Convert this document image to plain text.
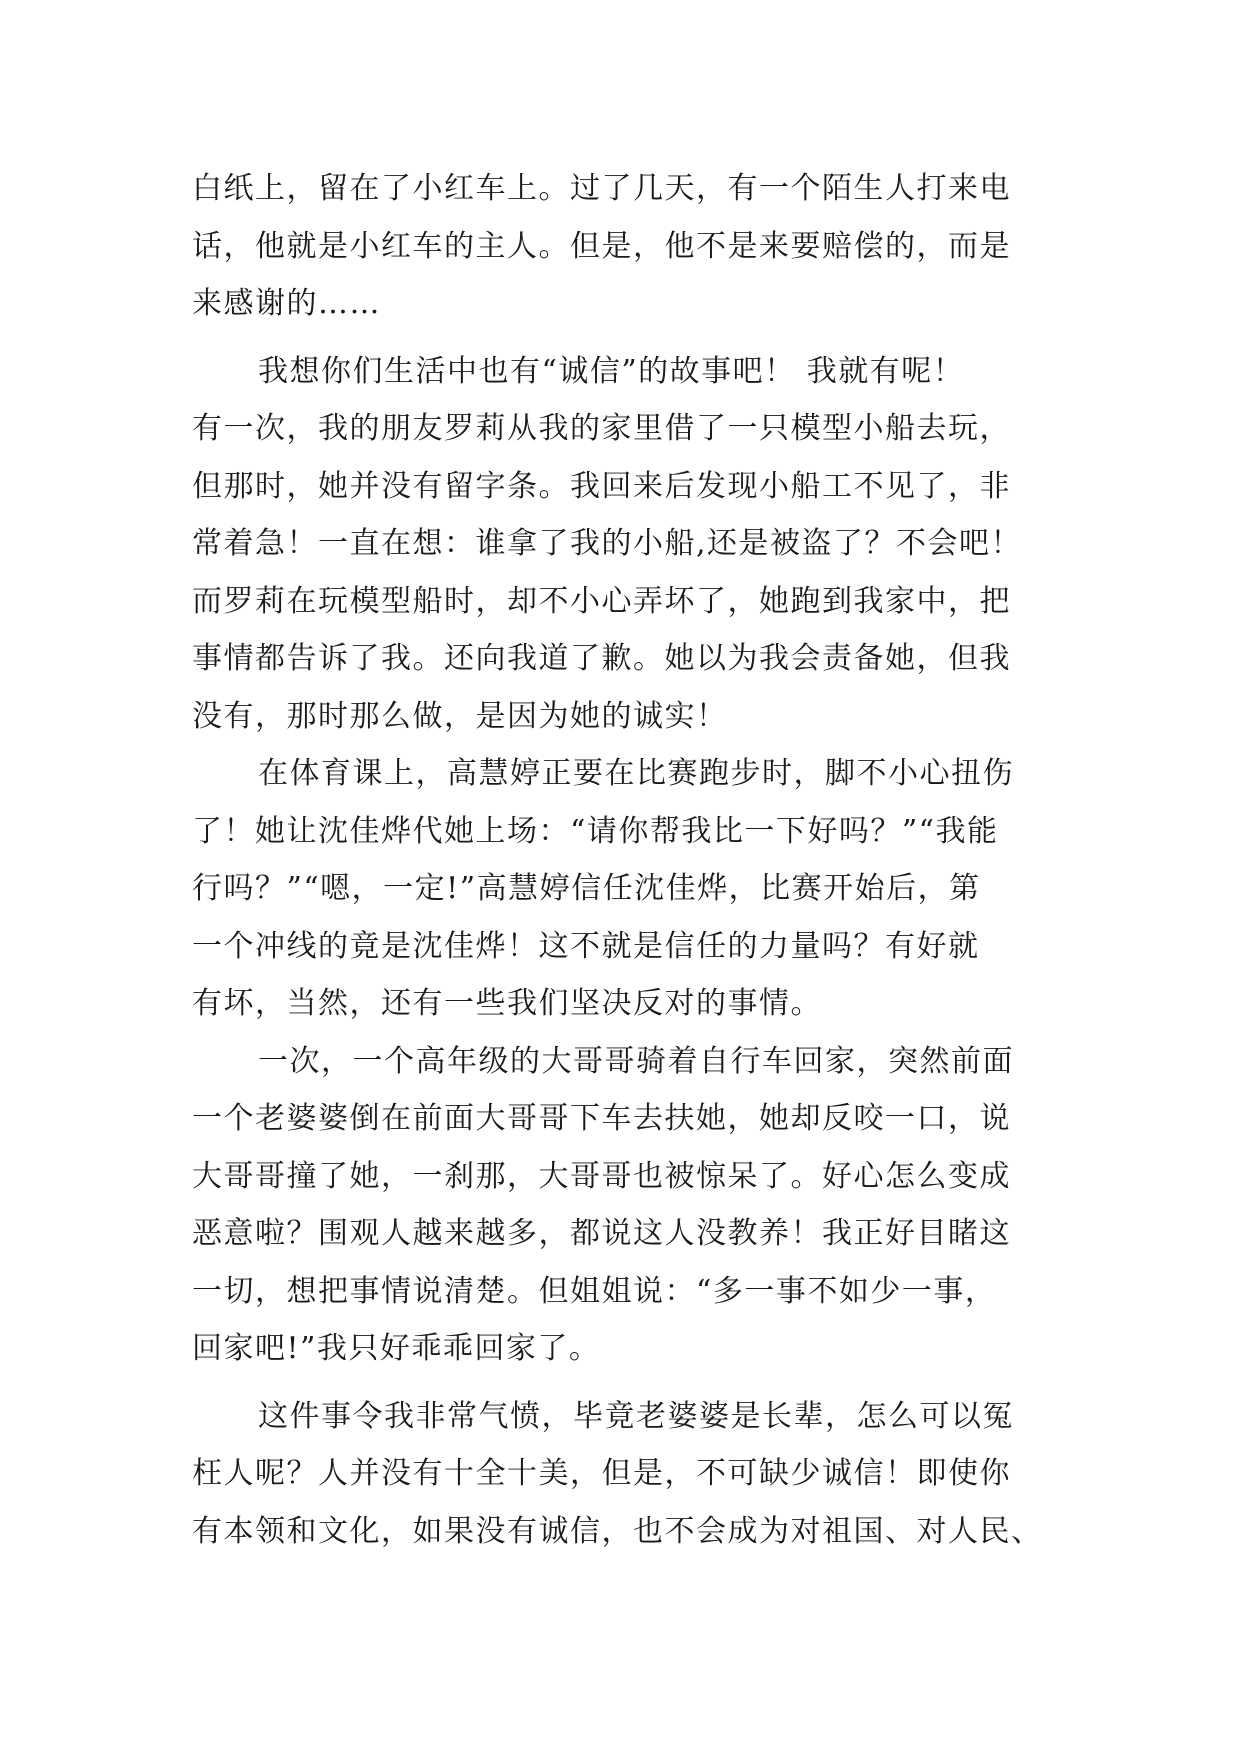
白纸上，留在了小红车上。过了几天，有一个陌生人打来电
话，他就是小红车的主人。但是，他不是来要赔偿的，而是
来感谢的……
我想你们生活中也有“诚信”的故事吧！ 我就有呢！
有一次，我的朋友罗莉从我的家里借了一只模型小船去玩，
但那时，她并没有留字条。我回来后发现小船工不见了，非
常着急！一直在想：谁拿了我的小船,还是被盗了？不会吧！
而罗莉在玩模型船时，却不小心弄坏了，她跑到我家中，把
事情都告诉了我。还向我道了歉。她以为我会责备她，但我
没有，那时那么做，是因为她的诚实！
在体育课上，高慧婷正要在比赛跑步时，脚不小心扭伤
了！她让沈佳烨代她上场：“请你帮我比一下好吗？”“我能
行吗？”“嗯，一定!”高慧婷信任沈佳烨，比赛开始后，第
一个冲线的竟是沈佳烨！这不就是信任的力量吗？有好就
有坏，当然，还有一些我们坚决反对的事情。
一次，一个高年级的大哥哥骑着自行车回家，突然前面
一个老婆婆倒在前面大哥哥下车去扶她，她却反咬一口，说
大哥哥撞了她，一刹那，大哥哥也被惊呆了。好心怎么变成
恶意啦？围观人越来越多，都说这人没教养！我正好目睹这
一切，想把事情说清楚。但姐姐说：“多一事不如少一事，
回家吧!”我只好乖乖回家了。
这件事令我非常气愤，毕竟老婆婆是长辈，怎么可以冤
枉人呢？人并没有十全十美，但是，不可缺少诚信！即使你
有本领和文化，如果没有诚信，也不会成为对祖国、对人民、
